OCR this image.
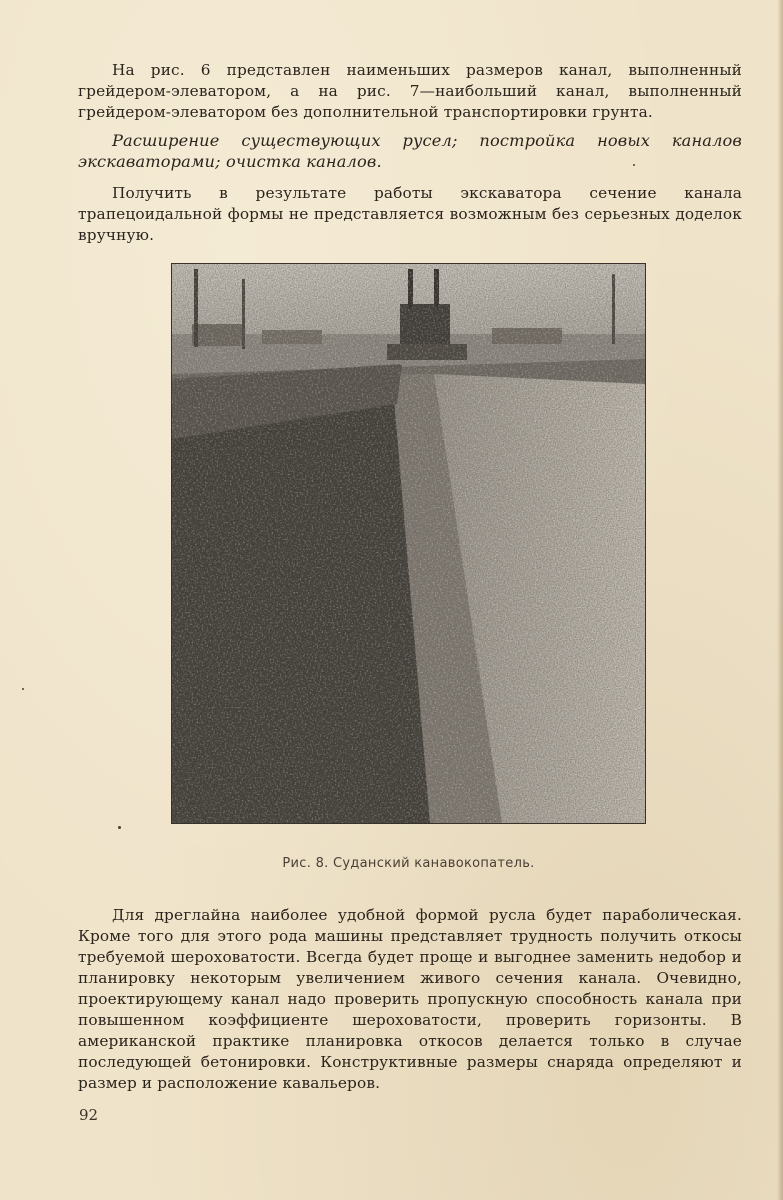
На рис. 6 представлен наименьших размеров канал, выполненный грейдером-элеватором, а на рис. 7—наибольший канал, выполненный грейдером-элеватором без дополнительной транспортировки грунта.

Расширение существующих русел; постройка новых каналов экскаваторами; очистка каналов.

Получить в результате работы экскаватора сечение канала трапецоидальной формы не представляется возможным без серьезных доделок вручную.

Рис. 8. Суданский канавокопатель.

Для дреглайна наиболее удобной формой русла будет параболическая. Кроме того для этого рода машины представляет трудность получить откосы требуемой шероховатости. Всегда будет проще и выгоднее заменить недобор и планировку некоторым увеличением живого сечения канала. Очевидно, проектирующему канал надо проверить пропускную способность канала при повышенном коэффициенте шероховатости, проверить горизонты. В американской практике планировка откосов делается только в случае последующей бетонировки. Конструктивные размеры снаряда определяют и размер и расположение кавальеров.

92
